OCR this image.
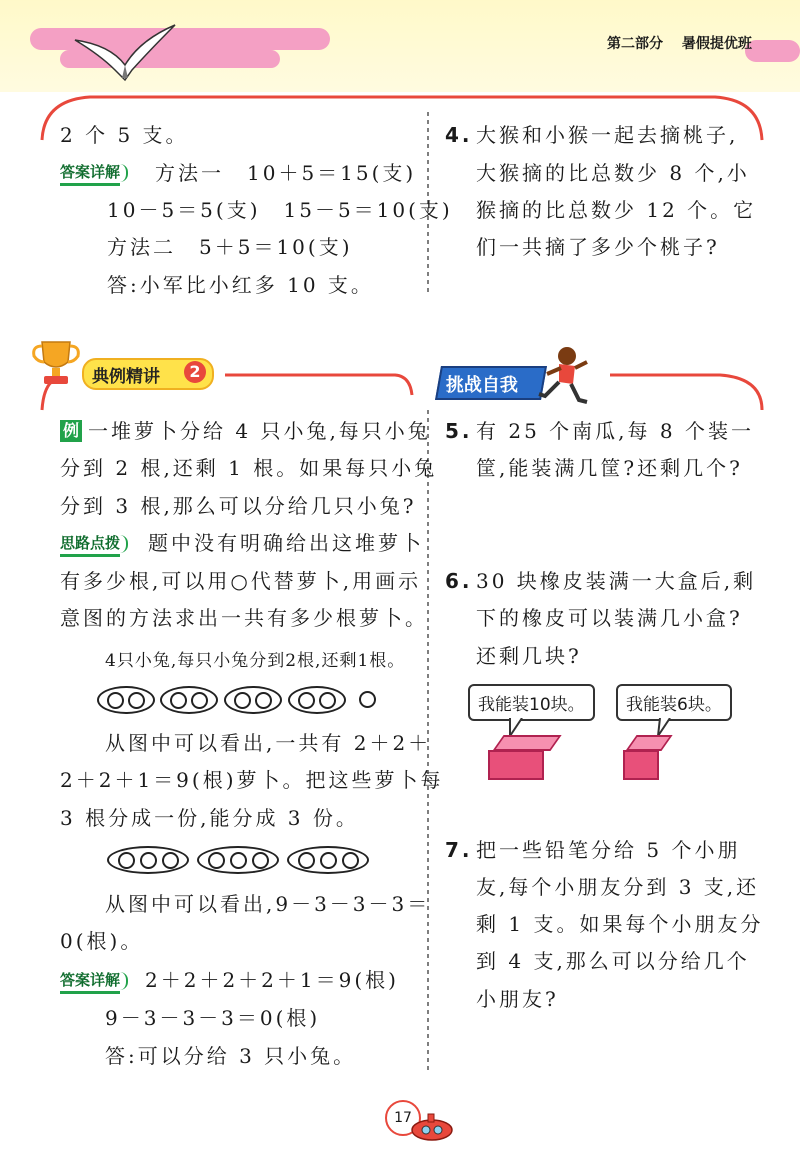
第二部分 暑假提优班
2 个 5 支。
答案详解 方法一　10＋5＝15(支)
10－5＝5(支)　15－5＝10(支)
方法二　5＋5＝10(支)
答:小军比小红多 10 支。
4. 大猴和小猴一起去摘桃子,
大猴摘的比总数少 8 个,小
猴摘的比总数少 12 个。它
们一共摘了多少个桃子?
典例精讲	2
挑战自我
例 一堆萝卜分给 4 只小兔,每只小兔
分到 2 根,还剩 1 根。如果每只小兔
分到 3 根,那么可以分给几只小兔?
思路点拨 题中没有明确给出这堆萝卜
有多少根,可以用○代替萝卜,用画示
意图的方法求出一共有多少根萝卜。
4只小兔,每只小兔分到2根,还剩1根。
从图中可以看出,一共有 2＋2＋
2＋2＋1＝9(根)萝卜。把这些萝卜每
3 根分成一份,能分成 3 份。
从图中可以看出,9－3－3－3＝
0(根)。
答案详解 2＋2＋2＋2＋1＝9(根)
9－3－3－3＝0(根)
答:可以分给 3 只小兔。
5. 有 25 个南瓜,每 8 个装一
筐,能装满几筐?还剩几个?
6. 30 块橡皮装满一大盒后,剩
下的橡皮可以装满几小盒?
还剩几块?
我能装10块。	我能装6块。
7. 把一些铅笔分给 5 个小朋
友,每个小朋友分到 3 支,还
剩 1 支。如果每个小朋友分
到 4 支,那么可以分给几个
小朋友?
17
